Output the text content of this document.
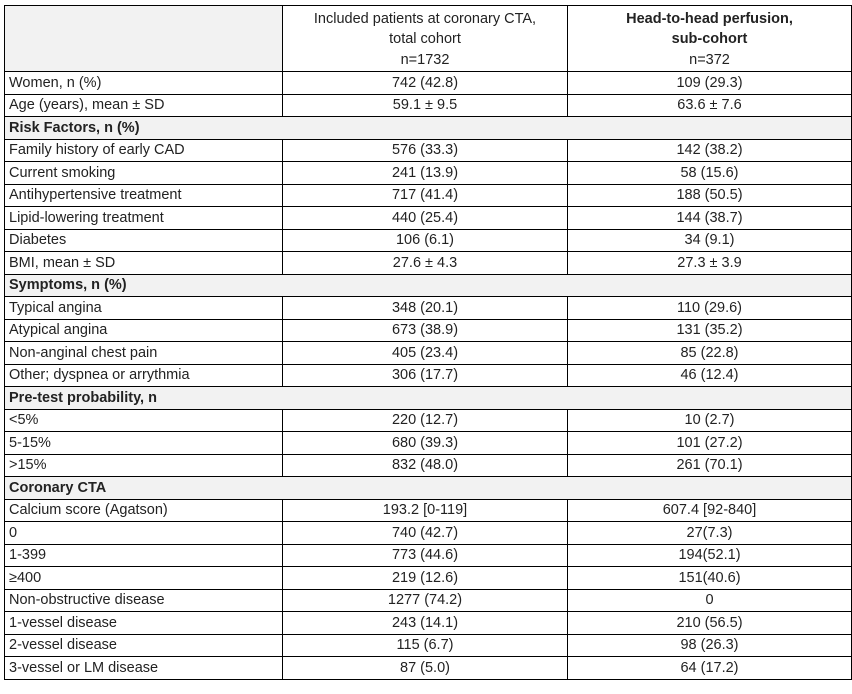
	Included patients at coronary CTA,
total cohort
n=1732	Head-to-head perfusion,
sub-cohort
n=372

Women, n (%)	742 (42.8)	109 (29.3)
Age (years), mean ± SD	59.1 ± 9.5	63.6 ± 7.6
Risk Factors, n (%)		
Family history of early CAD	576 (33.3)	142 (38.2)
Current smoking	241 (13.9)	58 (15.6)
Antihypertensive treatment	717 (41.4)	188 (50.5)
Lipid-lowering treatment	440 (25.4)	144 (38.7)
Diabetes	106 (6.1)	34 (9.1)
BMI, mean ± SD	27.6 ± 4.3	27.3 ± 3.9
Symptoms, n (%)		
Typical angina	348 (20.1)	110 (29.6)
Atypical angina	673 (38.9)	131 (35.2)
Non-anginal chest pain	405 (23.4)	85 (22.8)
Other; dyspnea or arrythmia	306 (17.7)	46 (12.4)
Pre-test probability, n		
<5%	220 (12.7)	10 (2.7)
5-15%	680 (39.3)	101 (27.2)
>15%	832 (48.0)	261 (70.1)
Coronary CTA		
Calcium score (Agatson)	193.2 [0-119]	607.4 [92-840]
0	740 (42.7)	27(7.3)
1-399	773 (44.6)	194(52.1)
≥400	219 (12.6)	151(40.6)
Non-obstructive disease	1277 (74.2)	0
1-vessel disease	243 (14.1)	210 (56.5)
2-vessel disease	115 (6.7)	98 (26.3)
3-vessel or LM disease	87 (5.0)	64 (17.2)
